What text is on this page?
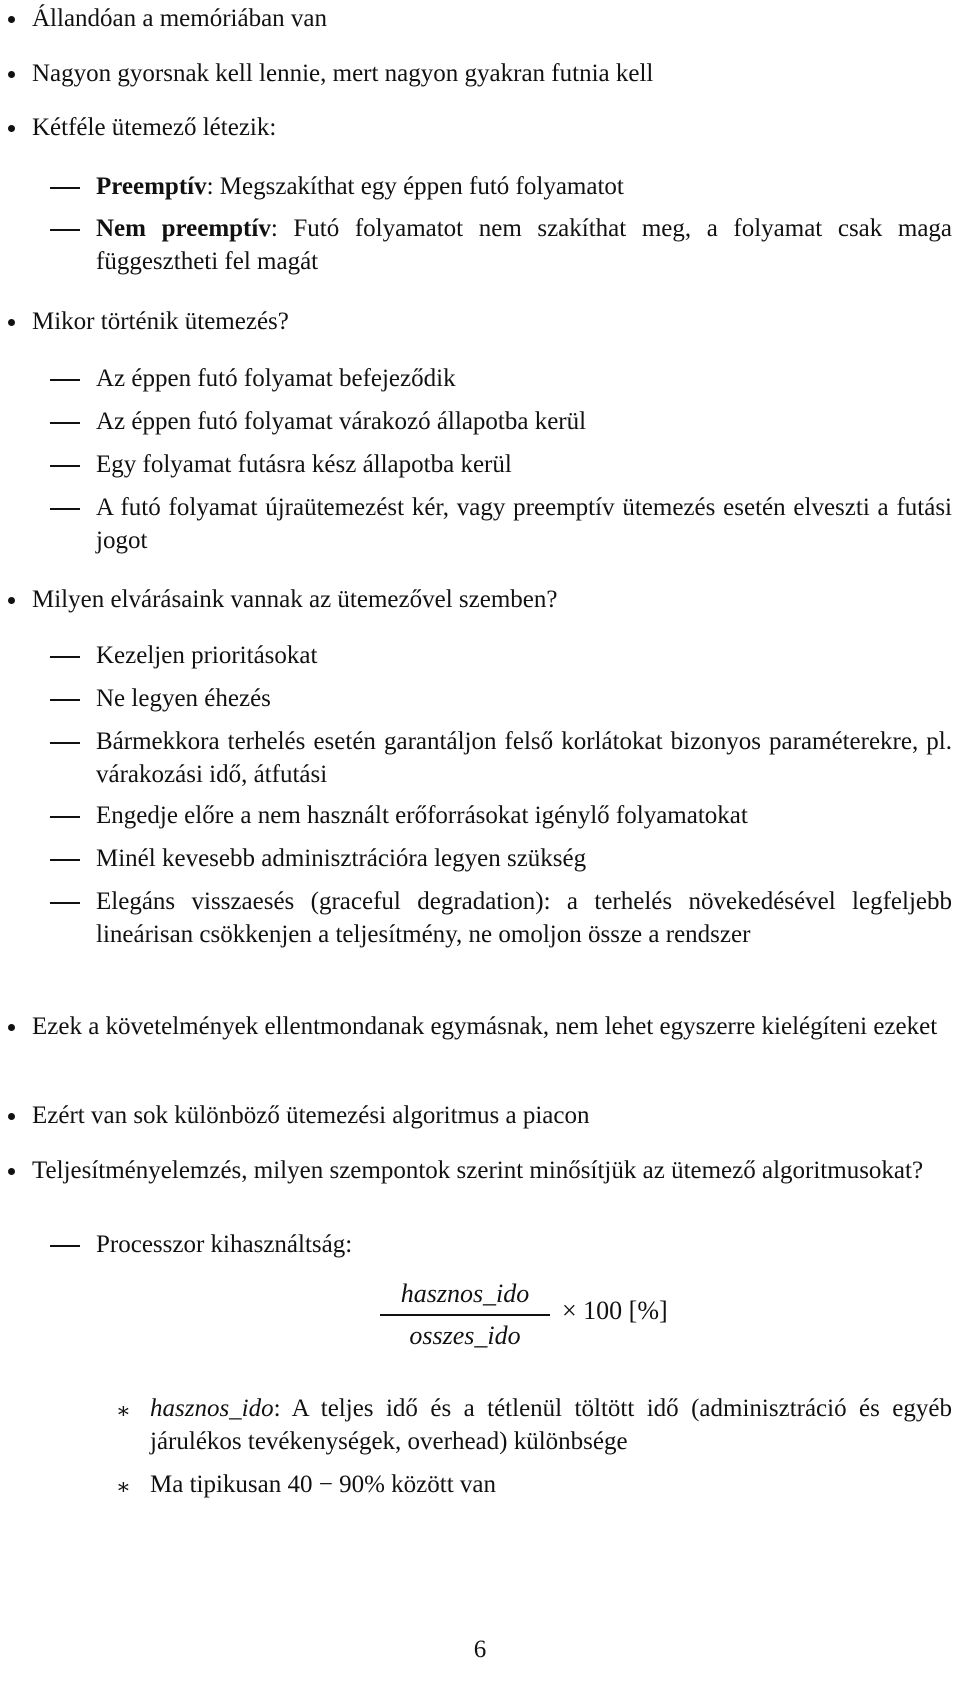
Állandóan a memóriában van
Nagyon gyorsnak kell lennie, mert nagyon gyakran futnia kell
Kétféle ütemező létezik:
Preemptív: Megszakíthat egy éppen futó folyamatot
Nem preemptív: Futó folyamatot nem szakíthat meg, a folyamat csak maga függesztheti fel magát
Mikor történik ütemezés?
Az éppen futó folyamat befejeződik
Az éppen futó folyamat várakozó állapotba kerül
Egy folyamat futásra kész állapotba kerül
A futó folyamat újraütemezést kér, vagy preemptív ütemezés esetén elveszti a futási jogot
Milyen elvárásaink vannak az ütemezővel szemben?
Kezeljen prioritásokat
Ne legyen éhezés
Bármekkora terhelés esetén garantáljon felső korlátokat bizonyos paraméterekre, pl. várakozási idő, átfutási
Engedje előre a nem használt erőforrásokat igénylő folyamatokat
Minél kevesebb adminisztrációra legyen szükség
Elegáns visszaesés (graceful degradation): a terhelés növekedésével legfeljebb lineárisan csökkenjen a teljesítmény, ne omoljon össze a rendszer
Ezek a követelmények ellentmondanak egymásnak, nem lehet egyszerre kielégíteni ezeket
Ezért van sok különböző ütemezési algoritmus a piacon
Teljesítményelemzés, milyen szempontok szerint minősítjük az ütemező algoritmusokat?
Processzor kihasználtság:
hasznos_ido
osszes_ido
× 100 [%]
∗ hasznos_ido: A teljes idő és a tétlenül töltött idő (adminisztráció és egyéb járulékos tevékenységek, overhead) különbsége
∗ Ma tipikusan 40 − 90% között van
6
